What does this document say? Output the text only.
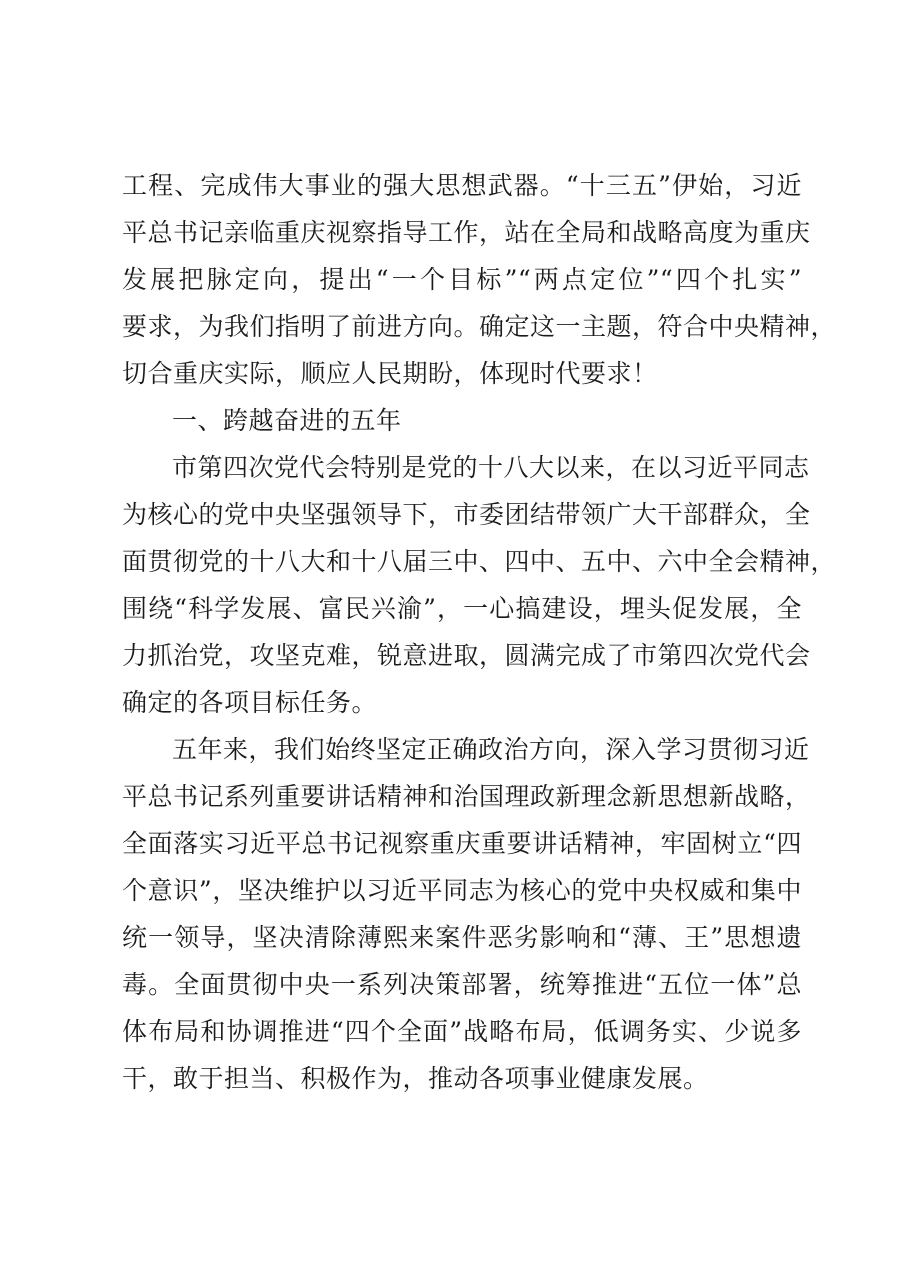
工程、完成伟大事业的强大思想武器。“十三五”伊始，习近
平总书记亲临重庆视察指导工作，站在全局和战略高度为重庆
发展把脉定向，提出“一个目标”“两点定位”“四个扎实”
要求，为我们指明了前进方向。确定这一主题，符合中央精神，
切合重庆实际，顺应人民期盼，体现时代要求！
一、跨越奋进的五年
市第四次党代会特别是党的十八大以来，在以习近平同志
为核心的党中央坚强领导下，市委团结带领广大干部群众，全
面贯彻党的十八大和十八届三中、四中、五中、六中全会精神，
围绕“科学发展、富民兴渝”，一心搞建设，埋头促发展，全
力抓治党，攻坚克难，锐意进取，圆满完成了市第四次党代会
确定的各项目标任务。
五年来，我们始终坚定正确政治方向，深入学习贯彻习近
平总书记系列重要讲话精神和治国理政新理念新思想新战略，
全面落实习近平总书记视察重庆重要讲话精神，牢固树立“四
个意识”，坚决维护以习近平同志为核心的党中央权威和集中
统一领导，坚决清除薄熙来案件恶劣影响和“薄、王”思想遗
毒。全面贯彻中央一系列决策部署，统筹推进“五位一体”总
体布局和协调推进“四个全面”战略布局，低调务实、少说多
干，敢于担当、积极作为，推动各项事业健康发展。
